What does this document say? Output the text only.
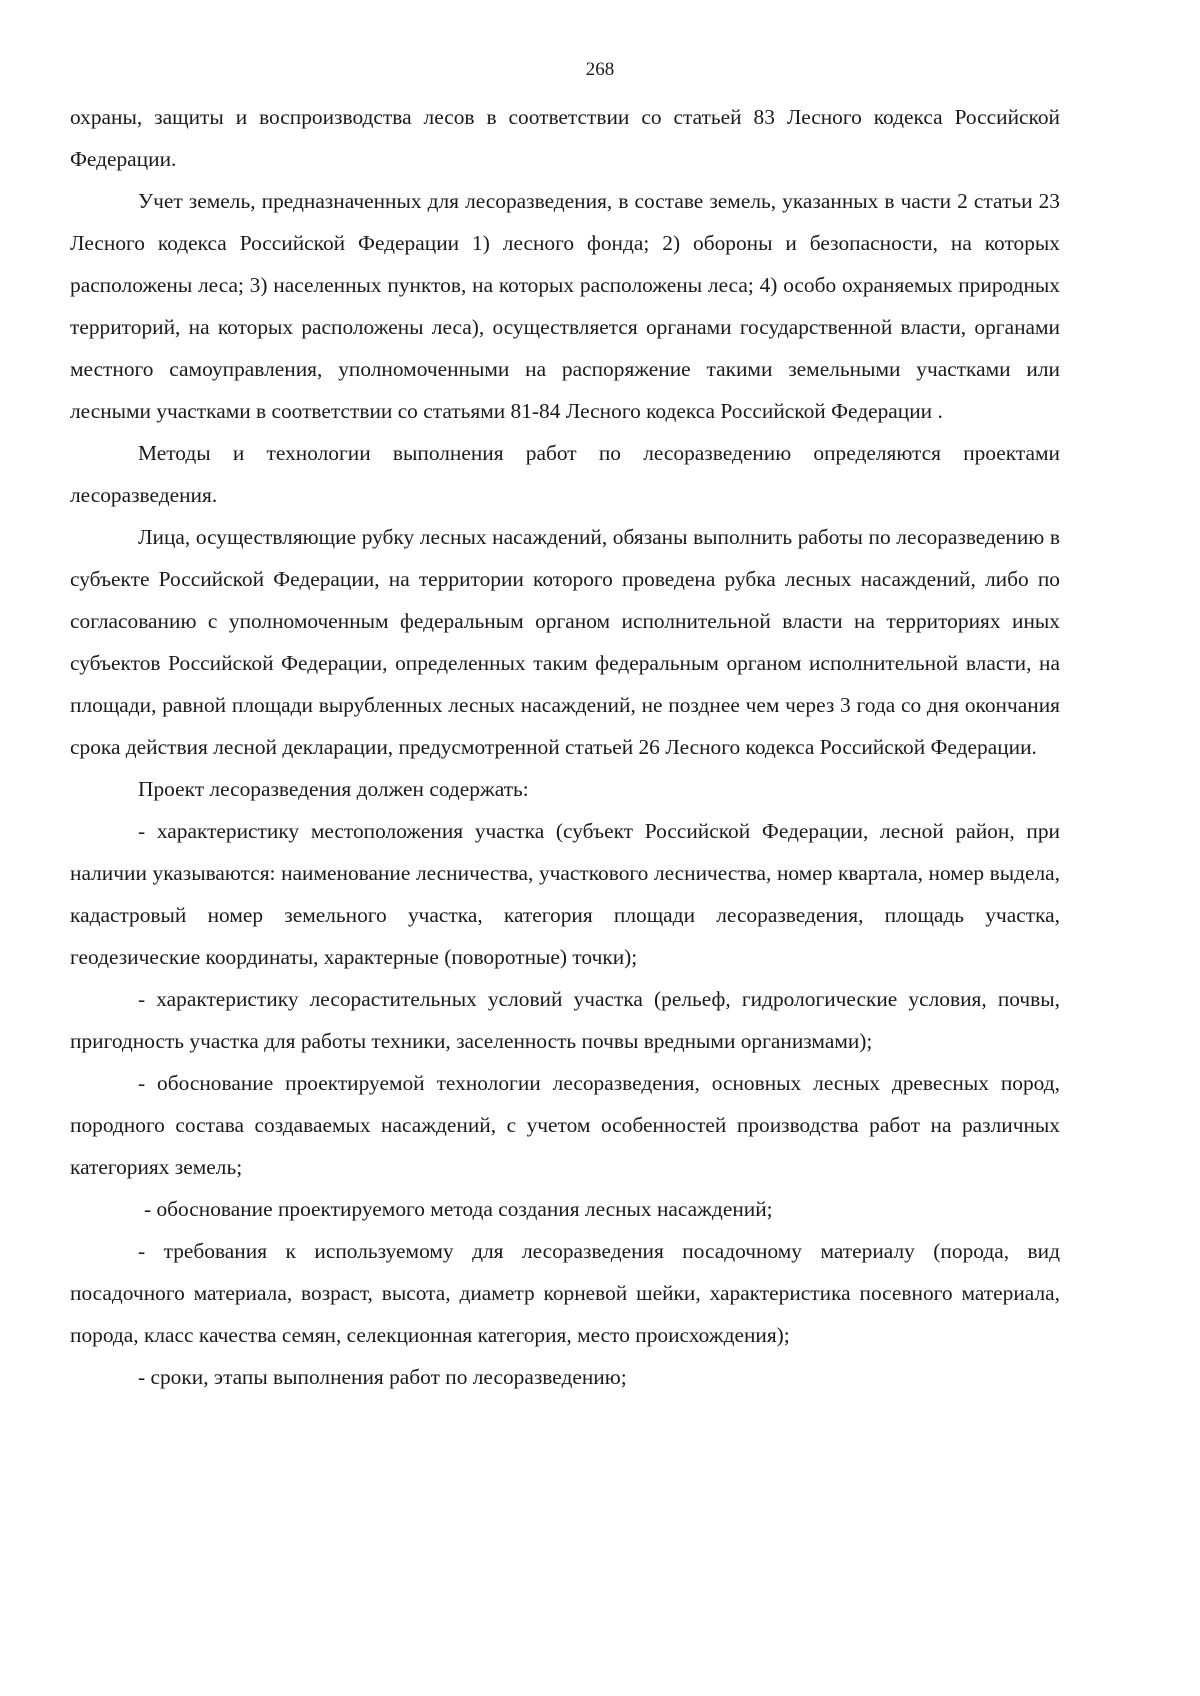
268

охраны, защиты и воспроизводства лесов в соответствии со статьей 83 Лесного кодекса Российской Федерации.

Учет земель, предназначенных для лесоразведения, в составе земель, указанных в части 2 статьи 23 Лесного кодекса Российской Федерации 1) лесного фонда; 2) обороны и безопасности, на которых расположены леса; 3) населенных пунктов, на которых расположены леса; 4) особо охраняемых природных территорий, на которых расположены леса), осуществляется органами государственной власти, органами местного самоуправления, уполномоченными на распоряжение такими земельными участками или лесными участками в соответствии со статьями 81-84 Лесного кодекса Российской Федерации .

Методы и технологии выполнения работ по лесоразведению определяются проектами лесоразведения.

Лица, осуществляющие рубку лесных насаждений, обязаны выполнить работы по лесоразведению в субъекте Российской Федерации, на территории которого проведена рубка лесных насаждений, либо по согласованию с уполномоченным федеральным органом исполнительной власти на территориях иных субъектов Российской Федерации, определенных таким федеральным органом исполнительной власти, на площади, равной площади вырубленных лесных насаждений, не позднее чем через 3 года со дня окончания срока действия лесной декларации, предусмотренной статьей 26 Лесного кодекса Российской Федерации.

Проект лесоразведения должен содержать:

- характеристику местоположения участка (субъект Российской Федерации, лесной район, при наличии указываются: наименование лесничества, участкового лесничества, номер квартала, номер выдела, кадастровый номер земельного участка, категория площади лесоразведения, площадь участка, геодезические координаты, характерные (поворотные) точки);

- характеристику лесорастительных условий участка (рельеф, гидрологические условия, почвы, пригодность участка для работы техники, заселенность почвы вредными организмами);

- обоснование проектируемой технологии лесоразведения, основных лесных древесных пород, породного состава создаваемых насаждений, с учетом особенностей производства работ на различных категориях земель;

- обоснование проектируемого метода создания лесных насаждений;

- требования к используемому для лесоразведения посадочному материалу (порода, вид посадочного материала, возраст, высота, диаметр корневой шейки, характеристика посевного материала, порода, класс качества семян, селекционная категория, место происхождения);

- сроки, этапы выполнения работ по лесоразведению;
